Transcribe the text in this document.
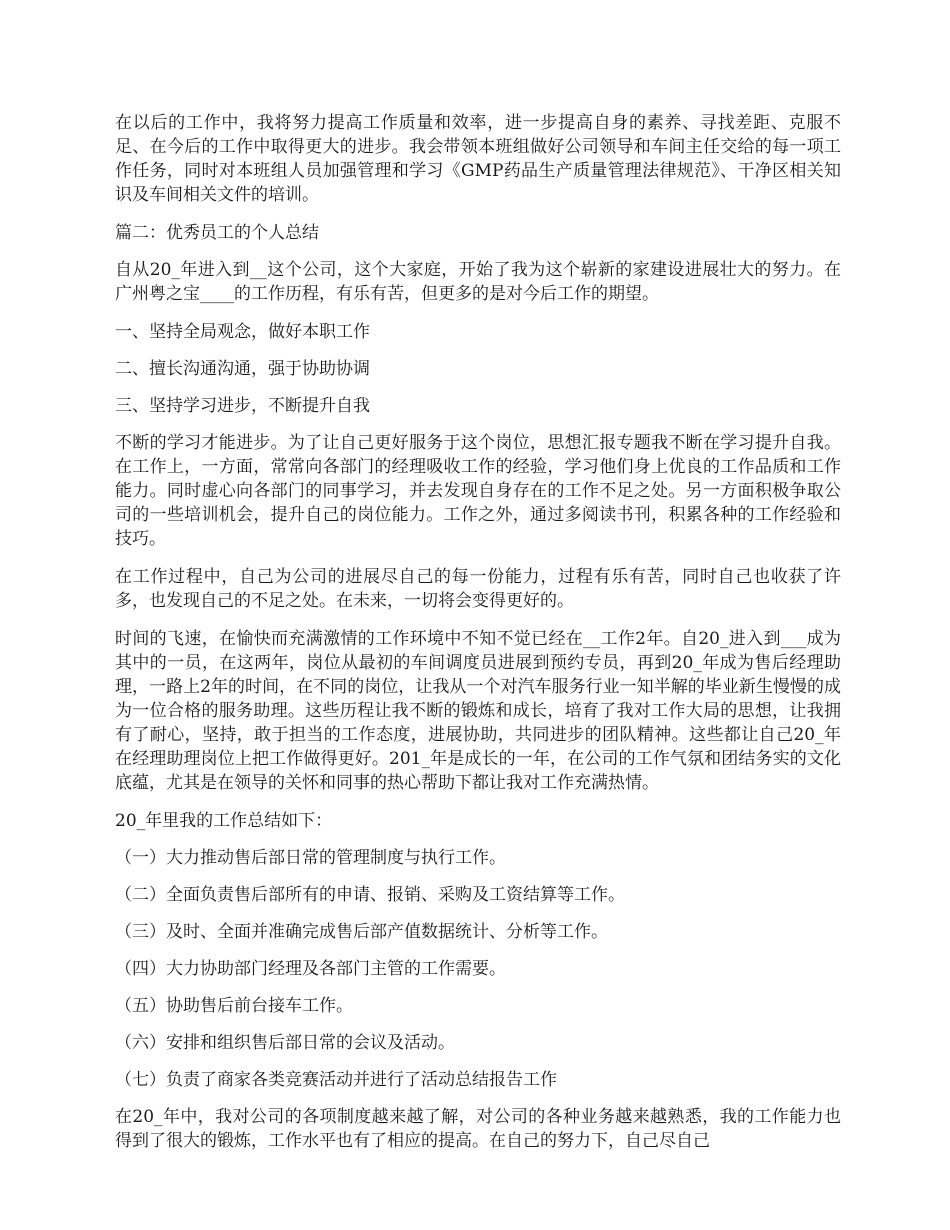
在以后的工作中，我将努力提高工作质量和效率，进一步提高自身的素养、寻找差距、克服不足、在今后的工作中取得更大的进步。我会带领本班组做好公司领导和车间主任交给的每一项工作任务，同时对本班组人员加强管理和学习《GMP药品生产质量管理法律规范》、干净区相关知识及车间相关文件的培训。

篇二：优秀员工的个人总结

自从20_年进入到__这个公司，这个大家庭，开始了我为这个崭新的家建设进展壮大的努力。在广州粤之宝____的工作历程，有乐有苦，但更多的是对今后工作的期望。

一、坚持全局观念，做好本职工作

二、擅长沟通沟通，强于协助协调

三、坚持学习进步，不断提升自我

不断的学习才能进步。为了让自己更好服务于这个岗位，思想汇报专题我不断在学习提升自我。在工作上，一方面，常常向各部门的经理吸收工作的经验，学习他们身上优良的工作品质和工作能力。同时虚心向各部门的同事学习，并去发现自身存在的工作不足之处。另一方面积极争取公司的一些培训机会，提升自己的岗位能力。工作之外，通过多阅读书刊，积累各种的工作经验和技巧。

在工作过程中，自己为公司的进展尽自己的每一份能力，过程有乐有苦，同时自己也收获了许多，也发现自己的不足之处。在未来，一切将会变得更好的。

时间的飞速，在愉快而充满激情的工作环境中不知不觉已经在__工作2年。自20_进入到___成为其中的一员，在这两年，岗位从最初的车间调度员进展到预约专员，再到20_年成为售后经理助理，一路上2年的时间，在不同的岗位，让我从一个对汽车服务行业一知半解的毕业新生慢慢的成为一位合格的服务助理。这些历程让我不断的锻炼和成长，培育了我对工作大局的思想，让我拥有了耐心，坚持，敢于担当的工作态度，进展协助，共同进步的团队精神。这些都让自己20_年在经理助理岗位上把工作做得更好。201_年是成长的一年，在公司的工作气氛和团结务实的文化底蕴，尤其是在领导的关怀和同事的热心帮助下都让我对工作充满热情。

20_年里我的工作总结如下：

（一）大力推动售后部日常的管理制度与执行工作。

（二）全面负责售后部所有的申请、报销、采购及工资结算等工作。

（三）及时、全面并准确完成售后部产值数据统计、分析等工作。

（四）大力协助部门经理及各部门主管的工作需要。

（五）协助售后前台接车工作。

（六）安排和组织售后部日常的会议及活动。

（七）负责了商家各类竞赛活动并进行了活动总结报告工作

在20_年中，我对公司的各项制度越来越了解，对公司的各种业务越来越熟悉，我的工作能力也得到了很大的锻炼，工作水平也有了相应的提高。在自己的努力下，自己尽自己
